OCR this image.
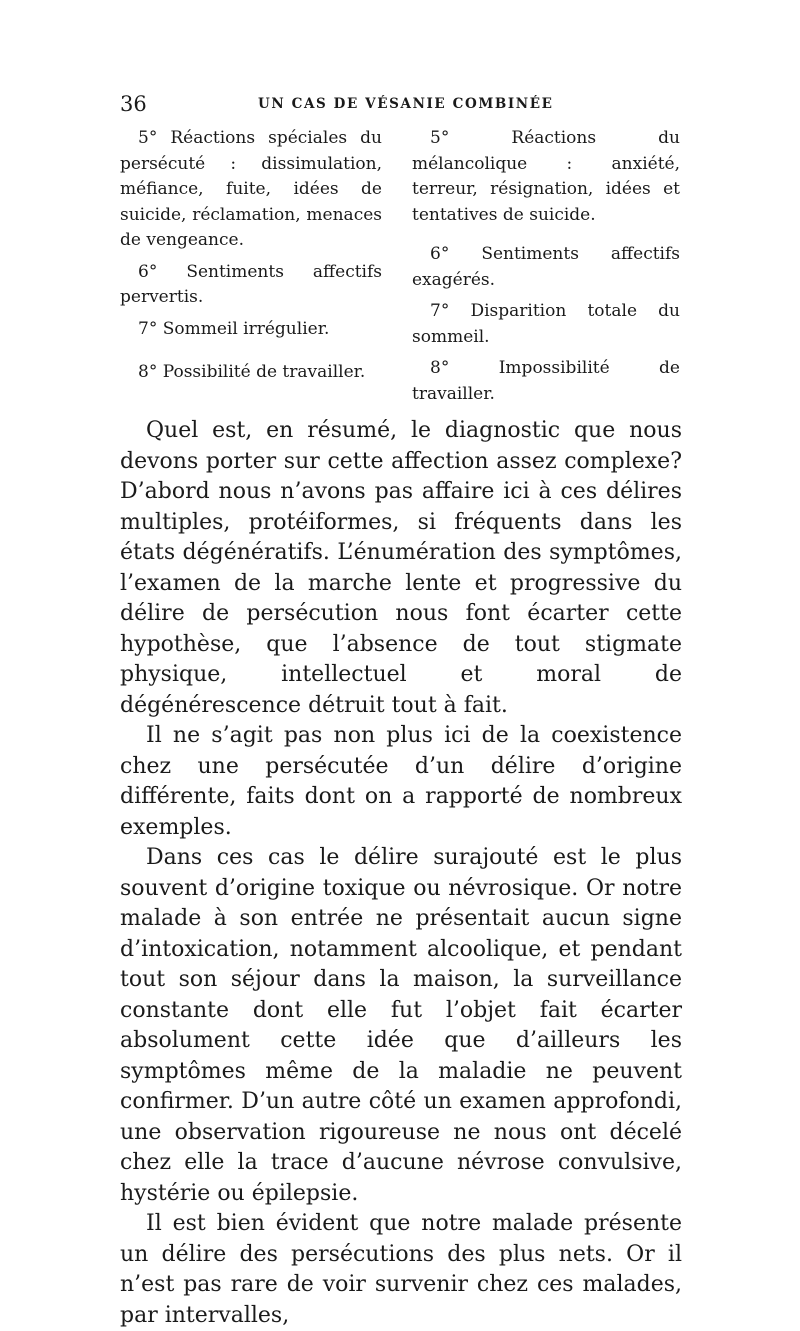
36	UN CAS DE VÉSANIE COMBINÉE

5° Réactions spéciales du persécuté : dissimulation, méfiance, fuite, idées de suicide, réclamation, menaces de vengeance.

6° Sentiments affectifs pervertis.

7° Sommeil irrégulier.

8° Possibilité de travailler.

5° Réactions du mélancolique : anxiété, terreur, résignation, idées et tentatives de suicide.

6° Sentiments affectifs exagérés.

7° Disparition totale du sommeil.

8° Impossibilité de travailler.

Quel est, en résumé, le diagnostic que nous devons porter sur cette affection assez complexe? D’abord nous n’avons pas affaire ici à ces délires multiples, protéiformes, si fréquents dans les états dégénératifs. L’énumération des symptômes, l’examen de la marche lente et progressive du délire de persécution nous font écarter cette hypothèse, que l’absence de tout stigmate physique, intellectuel et moral de dégénérescence détruit tout à fait.

Il ne s’agit pas non plus ici de la coexistence chez une persécutée d’un délire d’origine différente, faits dont on a rapporté de nombreux exemples.

Dans ces cas le délire surajouté est le plus souvent d’origine toxique ou névrosique. Or notre malade à son entrée ne présentait aucun signe d’intoxication, notamment alcoolique, et pendant tout son séjour dans la maison, la surveillance constante dont elle fut l’objet fait écarter absolument cette idée que d’ailleurs les symptômes même de la maladie ne peuvent confirmer. D’un autre côté un examen approfondi, une observation rigoureuse ne nous ont décelé chez elle la trace d’aucune névrose convulsive, hystérie ou épilepsie.

Il est bien évident que notre malade présente un délire des persécutions des plus nets. Or il n’est pas rare de voir survenir chez ces malades, par intervalles,
